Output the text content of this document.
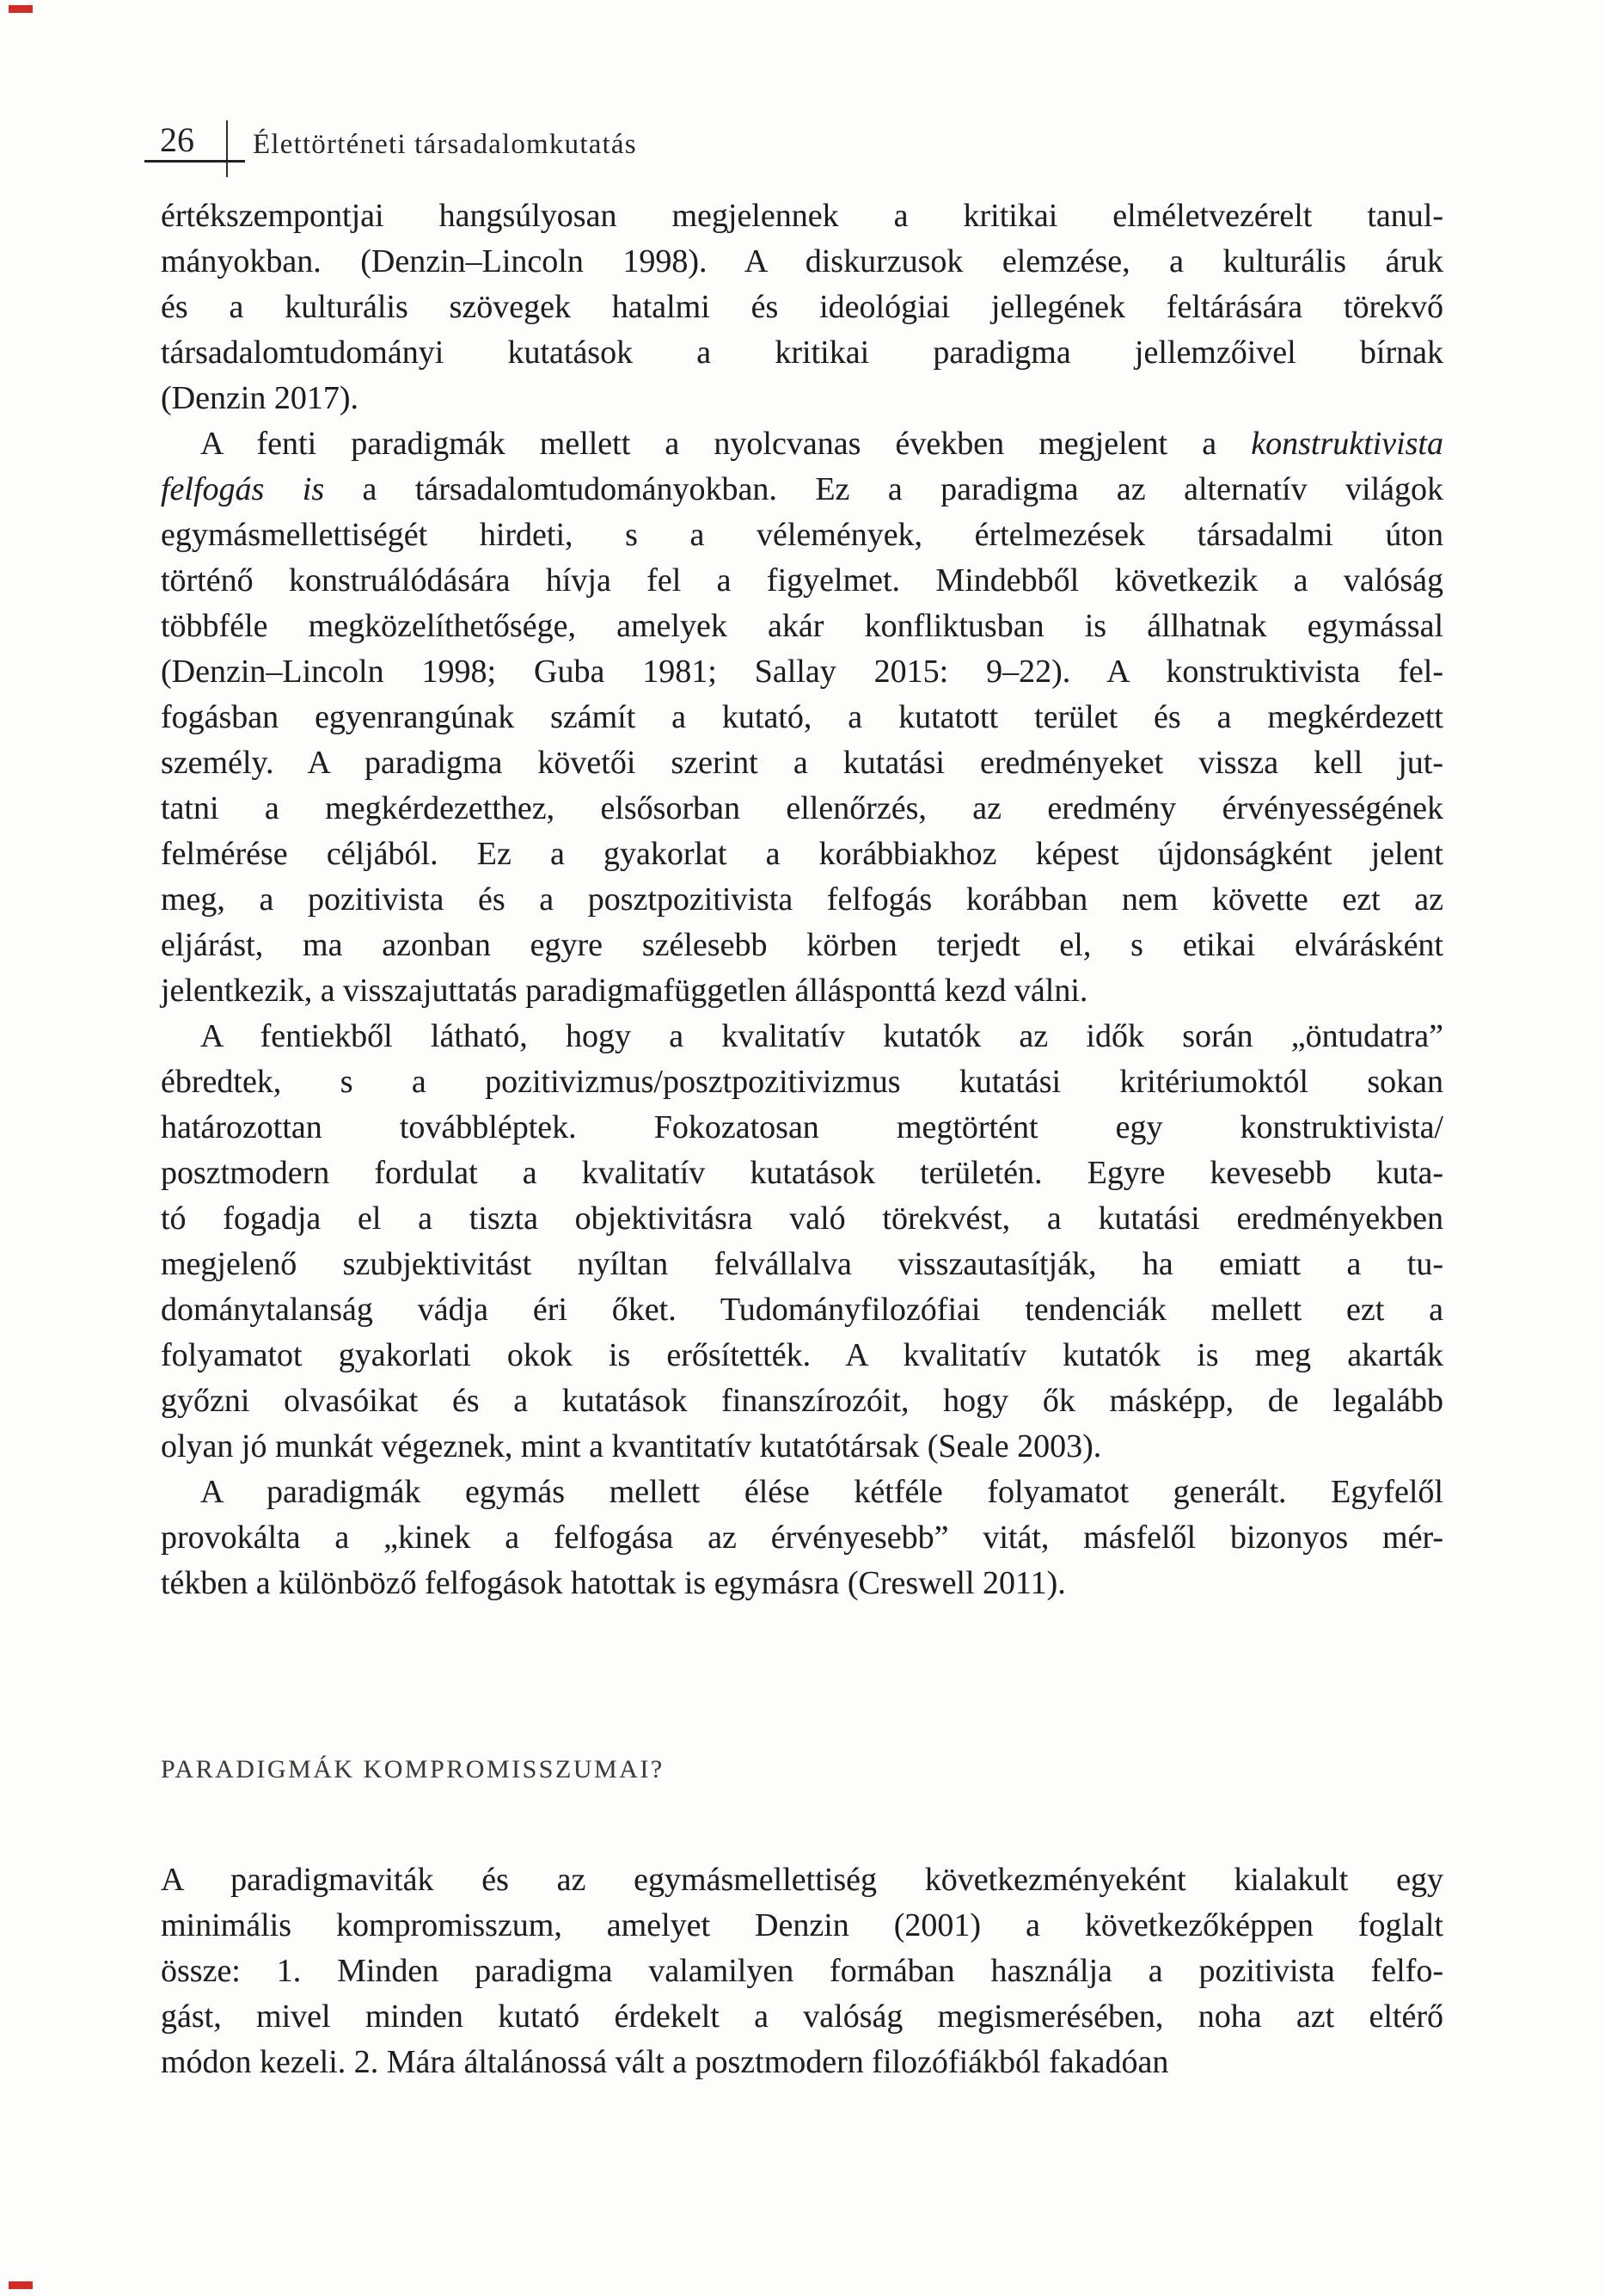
26 Élettörténeti társadalomkutatás
értékszempontjai hangsúlyosan megjelennek a kritikai elméletvezérelt tanul-
mányokban. (Denzin–Lincoln 1998). A diskurzusok elemzése, a kulturális áruk
és a kulturális szövegek hatalmi és ideológiai jellegének feltárására törekvő
társadalomtudományi kutatások a kritikai paradigma jellemzőivel bírnak
(Denzin 2017).
A fenti paradigmák mellett a nyolcvanas években megjelent a konstruktivista
felfogás is a társadalomtudományokban. Ez a paradigma az alternatív világok
egymásmellettiségét hirdeti, s a vélemények, értelmezések társadalmi úton
történő konstruálódására hívja fel a figyelmet. Mindebből következik a valóság
többféle megközelíthetősége, amelyek akár konfliktusban is állhatnak egymással
(Denzin–Lincoln 1998; Guba 1981; Sallay 2015: 9–22). A konstruktivista fel-
fogásban egyenrangúnak számít a kutató, a kutatott terület és a megkérdezett
személy. A paradigma követői szerint a kutatási eredményeket vissza kell jut-
tatni a megkérdezetthez, elsősorban ellenőrzés, az eredmény érvényességének
felmérése céljából. Ez a gyakorlat a korábbiakhoz képest újdonságként jelent
meg, a pozitivista és a posztpozitivista felfogás korábban nem követte ezt az
eljárást, ma azonban egyre szélesebb körben terjedt el, s etikai elvárásként
jelentkezik, a visszajuttatás paradigmafüggetlen állásponttá kezd válni.
A fentiekből látható, hogy a kvalitatív kutatók az idők során „öntudatra”
ébredtek, s a pozitivizmus/posztpozitivizmus kutatási kritériumoktól sokan
határozottan továbbléptek. Fokozatosan megtörtént egy konstruktivista/
posztmodern fordulat a kvalitatív kutatások területén. Egyre kevesebb kuta-
tó fogadja el a tiszta objektivitásra való törekvést, a kutatási eredményekben
megjelenő szubjektivitást nyíltan felvállalva visszautasítják, ha emiatt a tu-
dománytalanság vádja éri őket. Tudományfilozófiai tendenciák mellett ezt a
folyamatot gyakorlati okok is erősítették. A kvalitatív kutatók is meg akarták
győzni olvasóikat és a kutatások finanszírozóit, hogy ők másképp, de legalább
olyan jó munkát végeznek, mint a kvantitatív kutatótársak (Seale 2003).
A paradigmák egymás mellett élése kétféle folyamatot generált. Egyfelől
provokálta a „kinek a felfogása az érvényesebb” vitát, másfelől bizonyos mér-
tékben a különböző felfogások hatottak is egymásra (Creswell 2011).
PARADIGMÁK KOMPROMISSZUMAI?
A paradigmaviták és az egymásmellettiség következményeként kialakult egy
minimális kompromisszum, amelyet Denzin (2001) a következőképpen foglalt
össze: 1. Minden paradigma valamilyen formában használja a pozitivista felfo-
gást, mivel minden kutató érdekelt a valóság megismerésében, noha azt eltérő
módon kezeli. 2. Mára általánossá vált a posztmodern filozófiákból fakadóan
